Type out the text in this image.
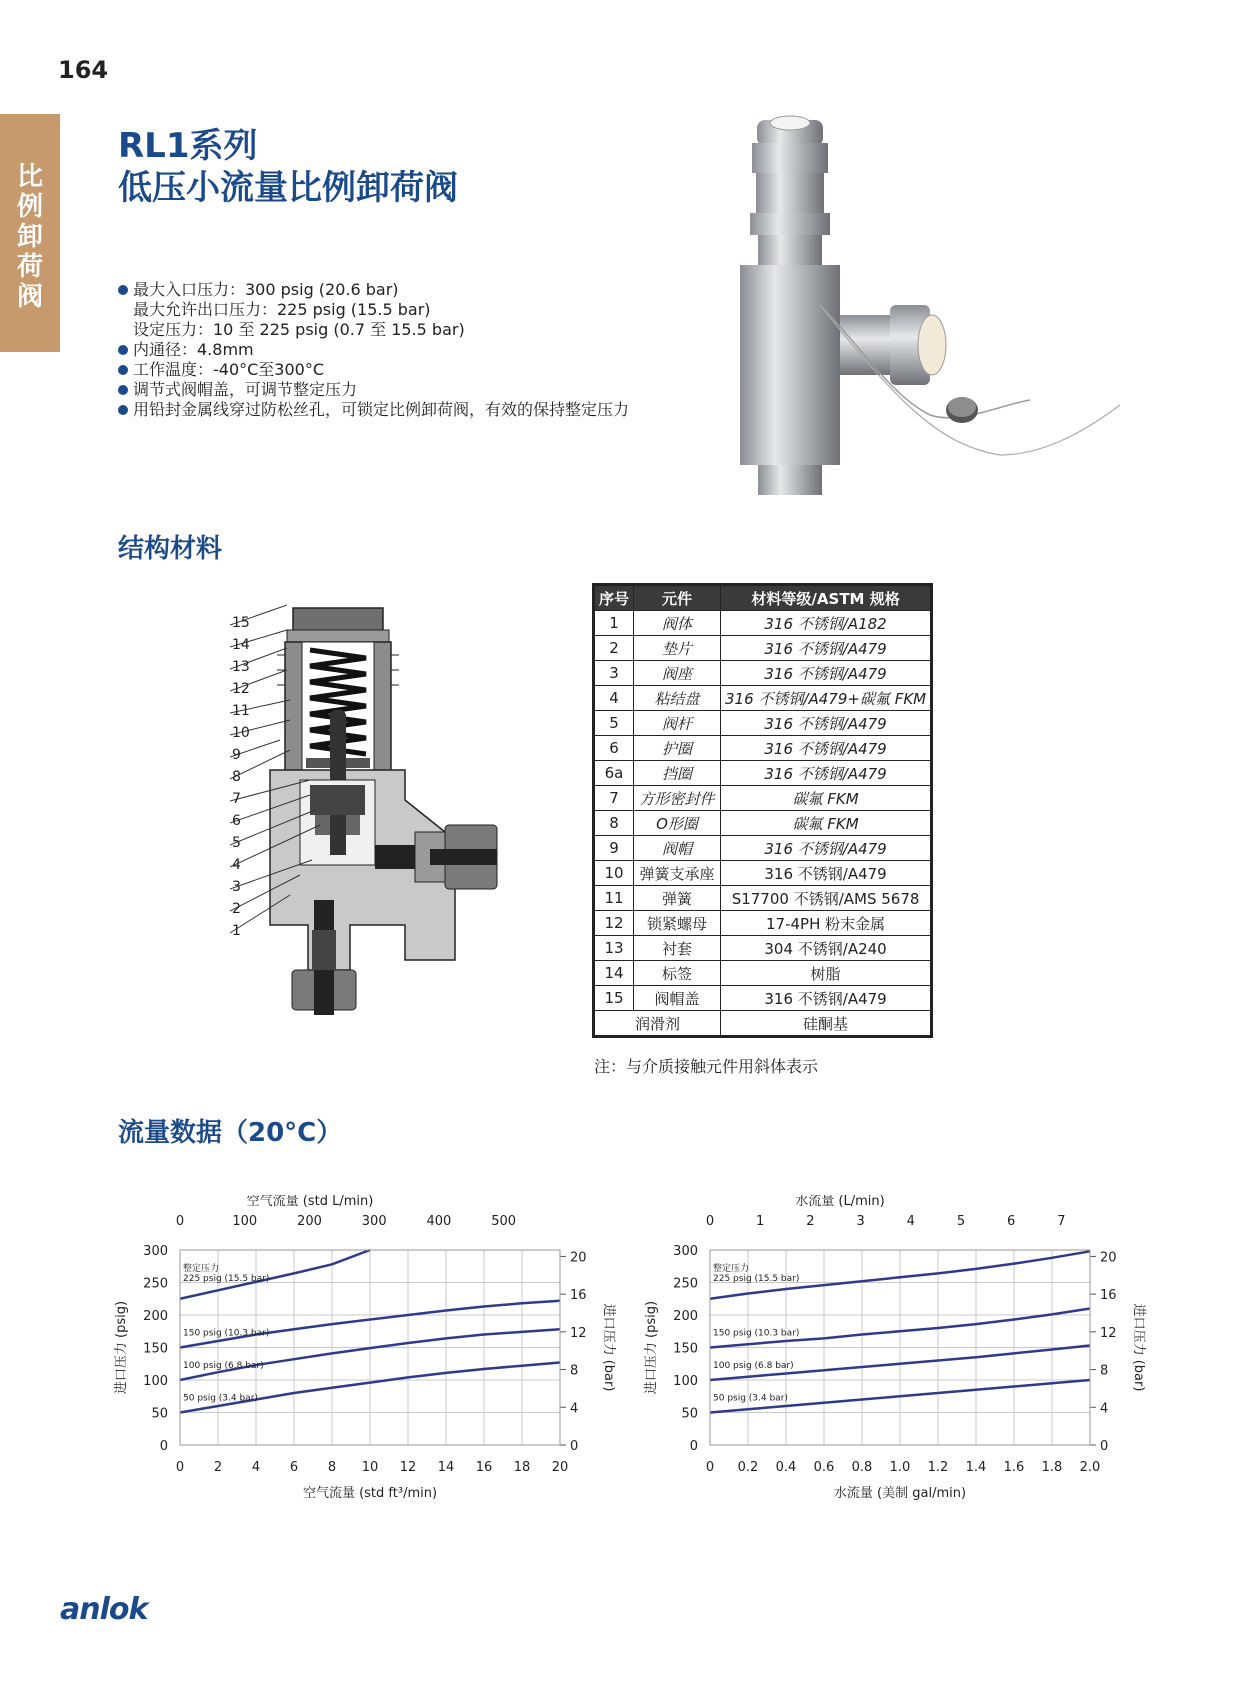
164
比
例
卸
荷
阀
RL1系列
低压小流量比例卸荷阀
最大入口压力：300 psig (20.6 bar)
最大允许出口压力：225 psig (15.5 bar)
设定压力：10 至 225 psig (0.7 至 15.5 bar)
内通径：4.8mm
工作温度：-40°C至300°C
调节式阀帽盖，可调节整定压力
用铅封金属线穿过防松丝孔，可锁定比例卸荷阀，有效的保持整定压力
结构材料
15
14
13
12
11
10
9
8
7
6
5
4
3
2
1
序号	元件	材料等级/ASTM 规格
1	阀体	316 不锈钢/A182
2	垫片	316 不锈钢/A479
3	阀座	316 不锈钢/A479
4	粘结盘	316 不锈钢/A479+碳氟 FKM
5	阀杆	316 不锈钢/A479
6	护圈	316 不锈钢/A479
6a	挡圈	316 不锈钢/A479
7	方形密封件	碳氟 FKM
8	O形圈	碳氟 FKM
9	阀帽	316 不锈钢/A479
10	弹簧支承座	316 不锈钢/A479
11	弹簧	S17700 不锈钢/AMS 5678
12	锁紧螺母	17-4PH 粉末金属
13	衬套	304 不锈钢/A240
14	标签	树脂
15	阀帽盖	316 不锈钢/A479
润滑剂		硅酮基
注：与介质接触元件用斜体表示
流量数据（20°C）
0 2 4 6 8 10 12 14 16 18 20
0	100	200	300	400	500
0
50
100
150
200
250
300
0
4
8
12
16
20
空气流量 (std L/min)
空气流量 (std ft³/min)
进口压力 (psig)	进口压力 (bar)
整定压力
225 psig (15.5 bar)
150 psig (10.3 bar)
100 psig (6.8 bar)
50 psig (3.4 bar)
0 0.2 0.4 0.6 0.8 1.0 1.2 1.4 1.6 1.8 2.0
0	1	2	3	4	5	6	7
0
50
100
150
200
250
300
0
4
8
12
16
20
水流量 (L/min)
水流量 (美制 gal/min)
进口压力 (psig)	进口压力 (bar)
整定压力
225 psig (15.5 bar)
150 psig (10.3 bar)
100 psig (6.8 bar)
50 psig (3.4 bar)
anlok
